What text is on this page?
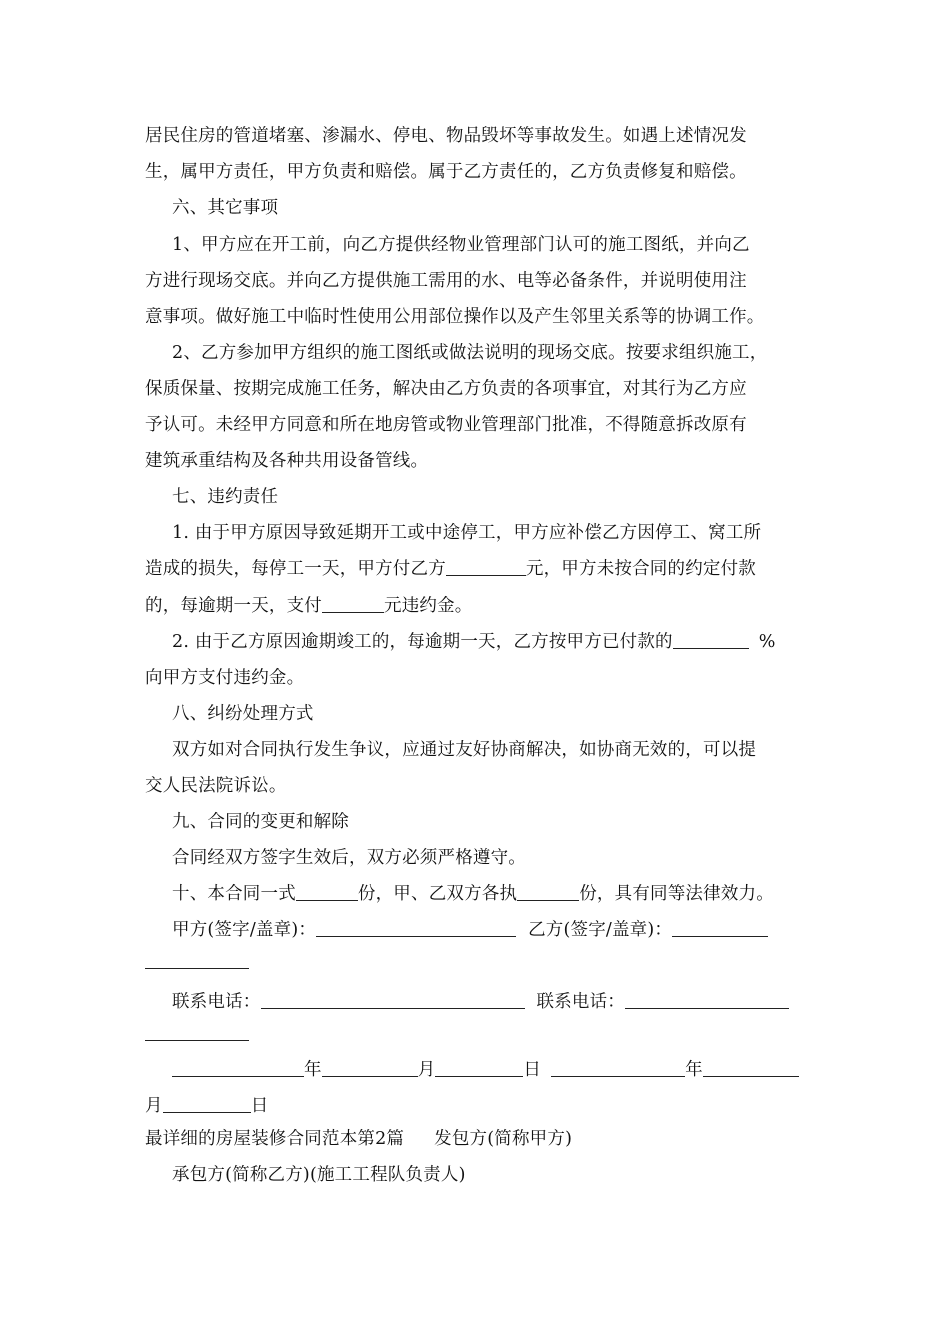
居民住房的管道堵塞、渗漏水、停电、物品毁坏等事故发生。如遇上述情况发
生，属甲方责任，甲方负责和赔偿。属于乙方责任的，乙方负责修复和赔偿。
六、其它事项
1、甲方应在开工前，向乙方提供经物业管理部门认可的施工图纸，并向乙
方进行现场交底。并向乙方提供施工需用的水、电等必备条件，并说明使用注
意事项。做好施工中临时性使用公用部位操作以及产生邻里关系等的协调工作。
2、乙方参加甲方组织的施工图纸或做法说明的现场交底。按要求组织施工，
保质保量、按期完成施工任务，解决由乙方负责的各项事宜，对其行为乙方应
予认可。未经甲方同意和所在地房管或物业管理部门批准，不得随意拆改原有
建筑承重结构及各种共用设备管线。
七、违约责任
1. 由于甲方原因导致延期开工或中途停工，甲方应补偿乙方因停工、窝工所
造成的损失，每停工一天，甲方付乙方	元，甲方未按合同的约定付款
的，每逾期一天，支付	元违约金。
2. 由于乙方原因逾期竣工的，每逾期一天，乙方按甲方已付款的	%
向甲方支付违约金。
八、纠纷处理方式
双方如对合同执行发生争议，应通过友好协商解决，如协商无效的，可以提
交人民法院诉讼。
九、合同的变更和解除
合同经双方签字生效后，双方必须严格遵守。
十、本合同一式	份，甲、乙双方各执	份，具有同等法律效力。
甲方(签字/盖章)：	乙方(签字/盖章)：
联系电话：	联系电话：
年	月	日	年
月	日
最详细的房屋装修合同范本第2篇 发包方(简称甲方)
承包方(简称乙方)(施工工程队负责人)
